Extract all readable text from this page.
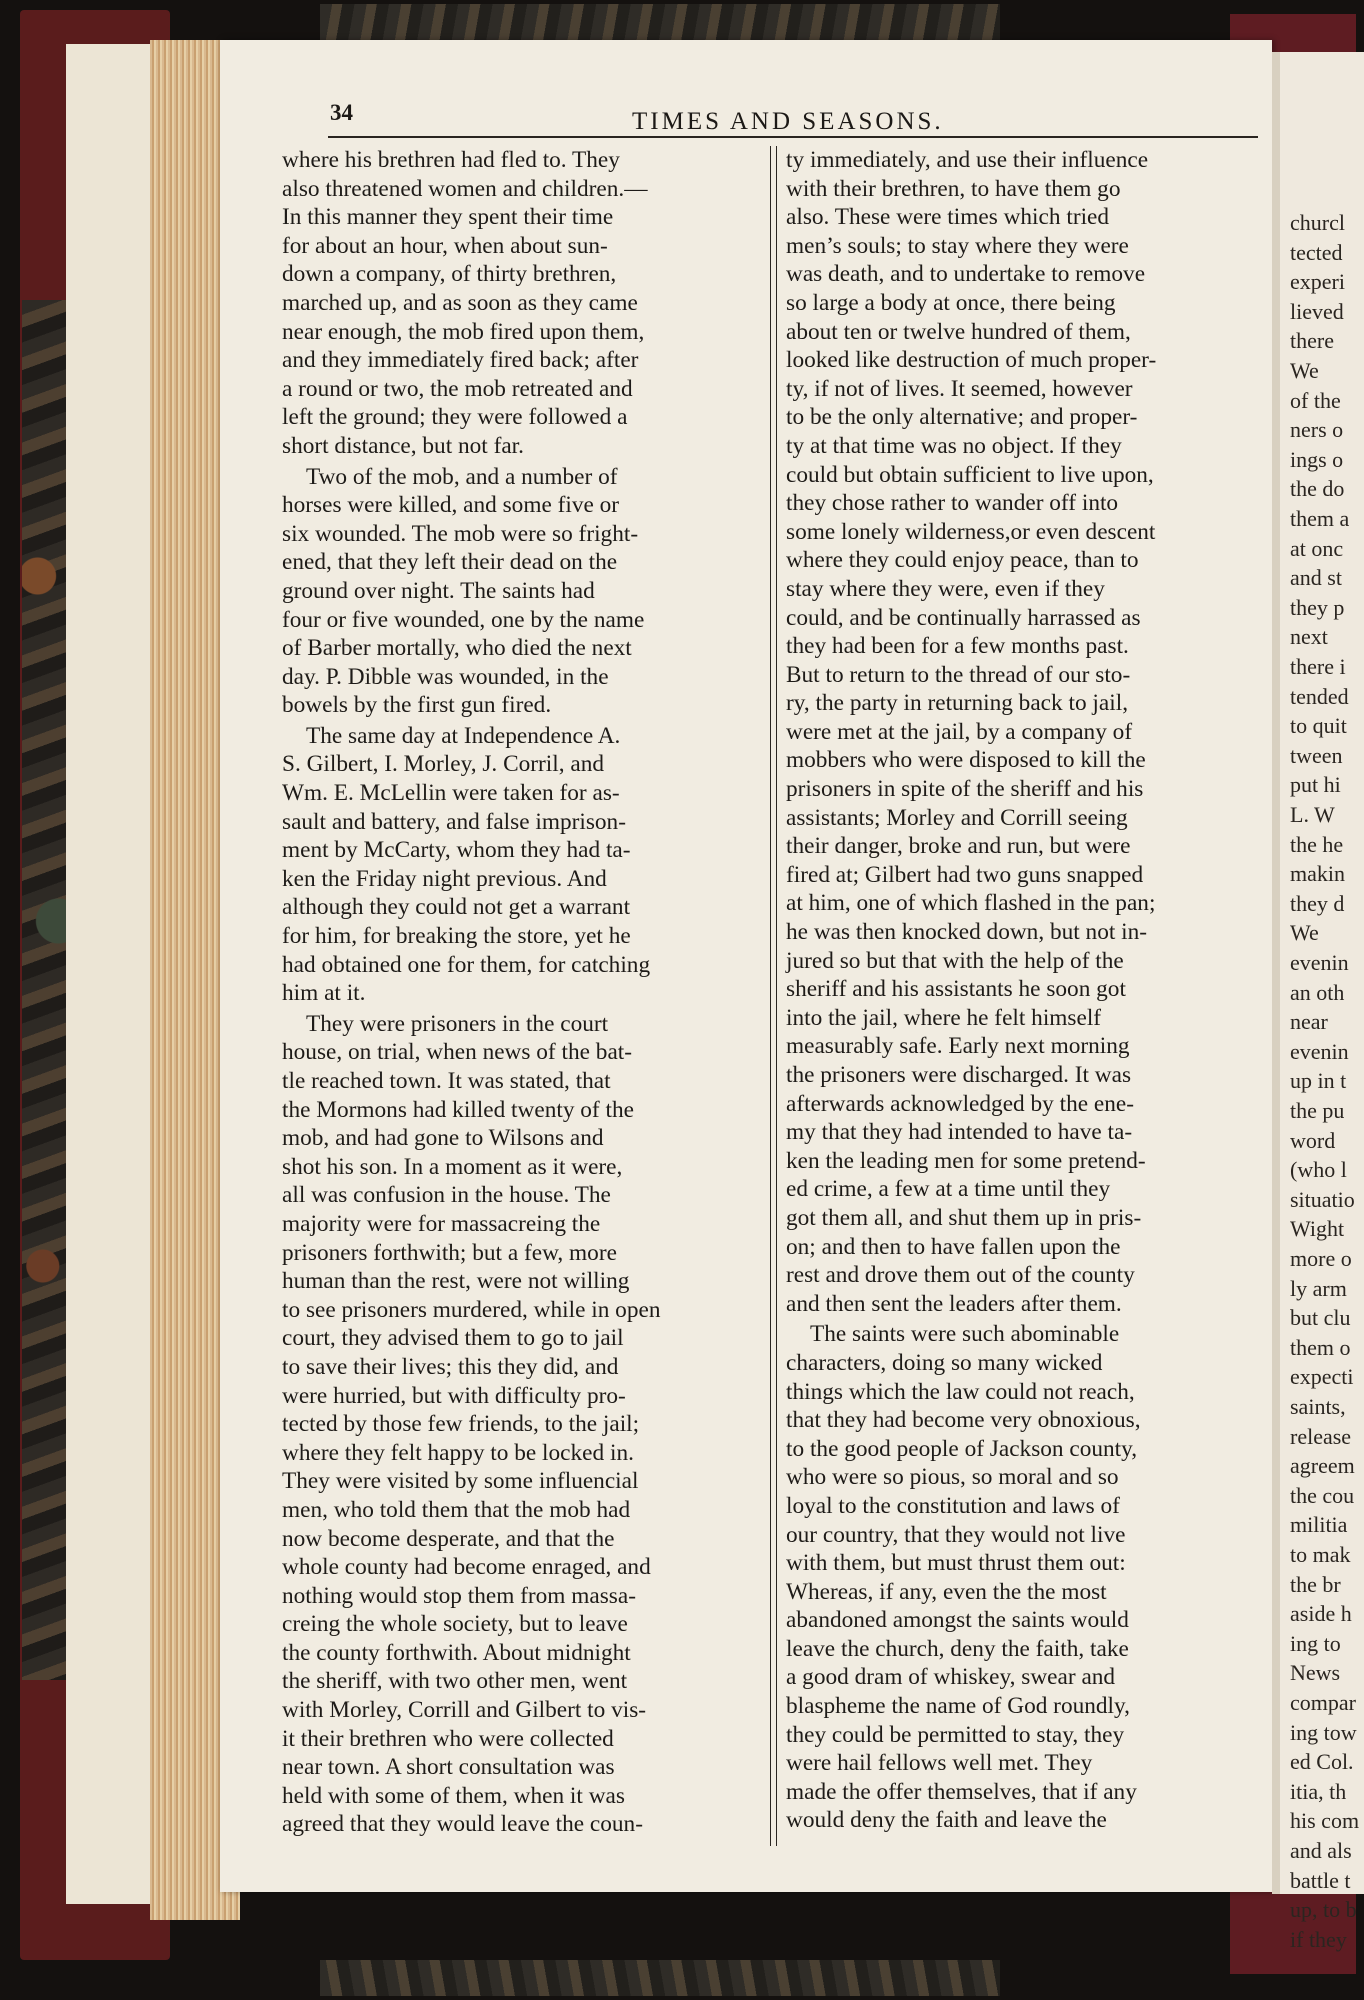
churcl
tected
experi
lieved
there
We
of the
ners o
ings o
the do
them a
at onc
and st
they p
next
there i
tended
to quit
tween
put hi
L. W
the he
makin
they d
We
evenin
an oth
near
evenin
up in t
the pu
word
(who l
situatio
Wight
more o
ly arm
but clu
them o
expecti
saints,
release
agreem
the cou
militia
to mak
the br
aside h
ing to
News
compar
ing tow
ed Col.
itia, th
his com
and als
battle t
up, to b
if they
34	TIMES AND SEASONS.
where his brethren had fled to. They
also threatened women and children.—
In this manner they spent their time
for about an hour, when about sun-
down a company, of thirty brethren,
marched up, and as soon as they came
near enough, the mob fired upon them,
and they immediately fired back; after
a round or two, the mob retreated and
left the ground; they were followed a
short distance, but not far.
Two of the mob, and a number of
horses were killed, and some five or
six wounded. The mob were so fright-
ened, that they left their dead on the
ground over night. The saints had
four or five wounded, one by the name
of Barber mortally, who died the next
day. P. Dibble was wounded, in the
bowels by the first gun fired.
The same day at Independence A.
S. Gilbert, I. Morley, J. Corril, and
Wm. E. McLellin were taken for as-
sault and battery, and false imprison-
ment by McCarty, whom they had ta-
ken the Friday night previous. And
although they could not get a warrant
for him, for breaking the store, yet he
had obtained one for them, for catching
him at it.
They were prisoners in the court
house, on trial, when news of the bat-
tle reached town. It was stated, that
the Mormons had killed twenty of the
mob, and had gone to Wilsons and
shot his son. In a moment as it were,
all was confusion in the house. The
majority were for massacreing the
prisoners forthwith; but a few, more
human than the rest, were not willing
to see prisoners murdered, while in open
court, they advised them to go to jail
to save their lives; this they did, and
were hurried, but with difficulty pro-
tected by those few friends, to the jail;
where they felt happy to be locked in.
They were visited by some influencial
men, who told them that the mob had
now become desperate, and that the
whole county had become enraged, and
nothing would stop them from massa-
creing the whole society, but to leave
the county forthwith. About midnight
the sheriff, with two other men, went
with Morley, Corrill and Gilbert to vis-
it their brethren who were collected
near town. A short consultation was
held with some of them, when it was
agreed that they would leave the coun-
ty immediately, and use their influence
with their brethren, to have them go
also. These were times which tried
men’s souls; to stay where they were
was death, and to undertake to remove
so large a body at once, there being
about ten or twelve hundred of them,
looked like destruction of much proper-
ty, if not of lives. It seemed, however
to be the only alternative; and proper-
ty at that time was no object. If they
could but obtain sufficient to live upon,
they chose rather to wander off into
some lonely wilderness,or even descent
where they could enjoy peace, than to
stay where they were, even if they
could, and be continually harrassed as
they had been for a few months past.
But to return to the thread of our sto-
ry, the party in returning back to jail,
were met at the jail, by a company of
mobbers who were disposed to kill the
prisoners in spite of the sheriff and his
assistants; Morley and Corrill seeing
their danger, broke and run, but were
fired at; Gilbert had two guns snapped
at him, one of which flashed in the pan;
he was then knocked down, but not in-
jured so but that with the help of the
sheriff and his assistants he soon got
into the jail, where he felt himself
measurably safe. Early next morning
the prisoners were discharged. It was
afterwards acknowledged by the ene-
my that they had intended to have ta-
ken the leading men for some pretend-
ed crime, a few at a time until they
got them all, and shut them up in pris-
on; and then to have fallen upon the
rest and drove them out of the county
and then sent the leaders after them.
The saints were such abominable
characters, doing so many wicked
things which the law could not reach,
that they had become very obnoxious,
to the good people of Jackson county,
who were so pious, so moral and so
loyal to the constitution and laws of
our country, that they would not live
with them, but must thrust them out:
Whereas, if any, even the the most
abandoned amongst the saints would
leave the church, deny the faith, take
a good dram of whiskey, swear and
blaspheme the name of God roundly,
they could be permitted to stay, they
were hail fellows well met. They
made the offer themselves, that if any
would deny the faith and leave the
